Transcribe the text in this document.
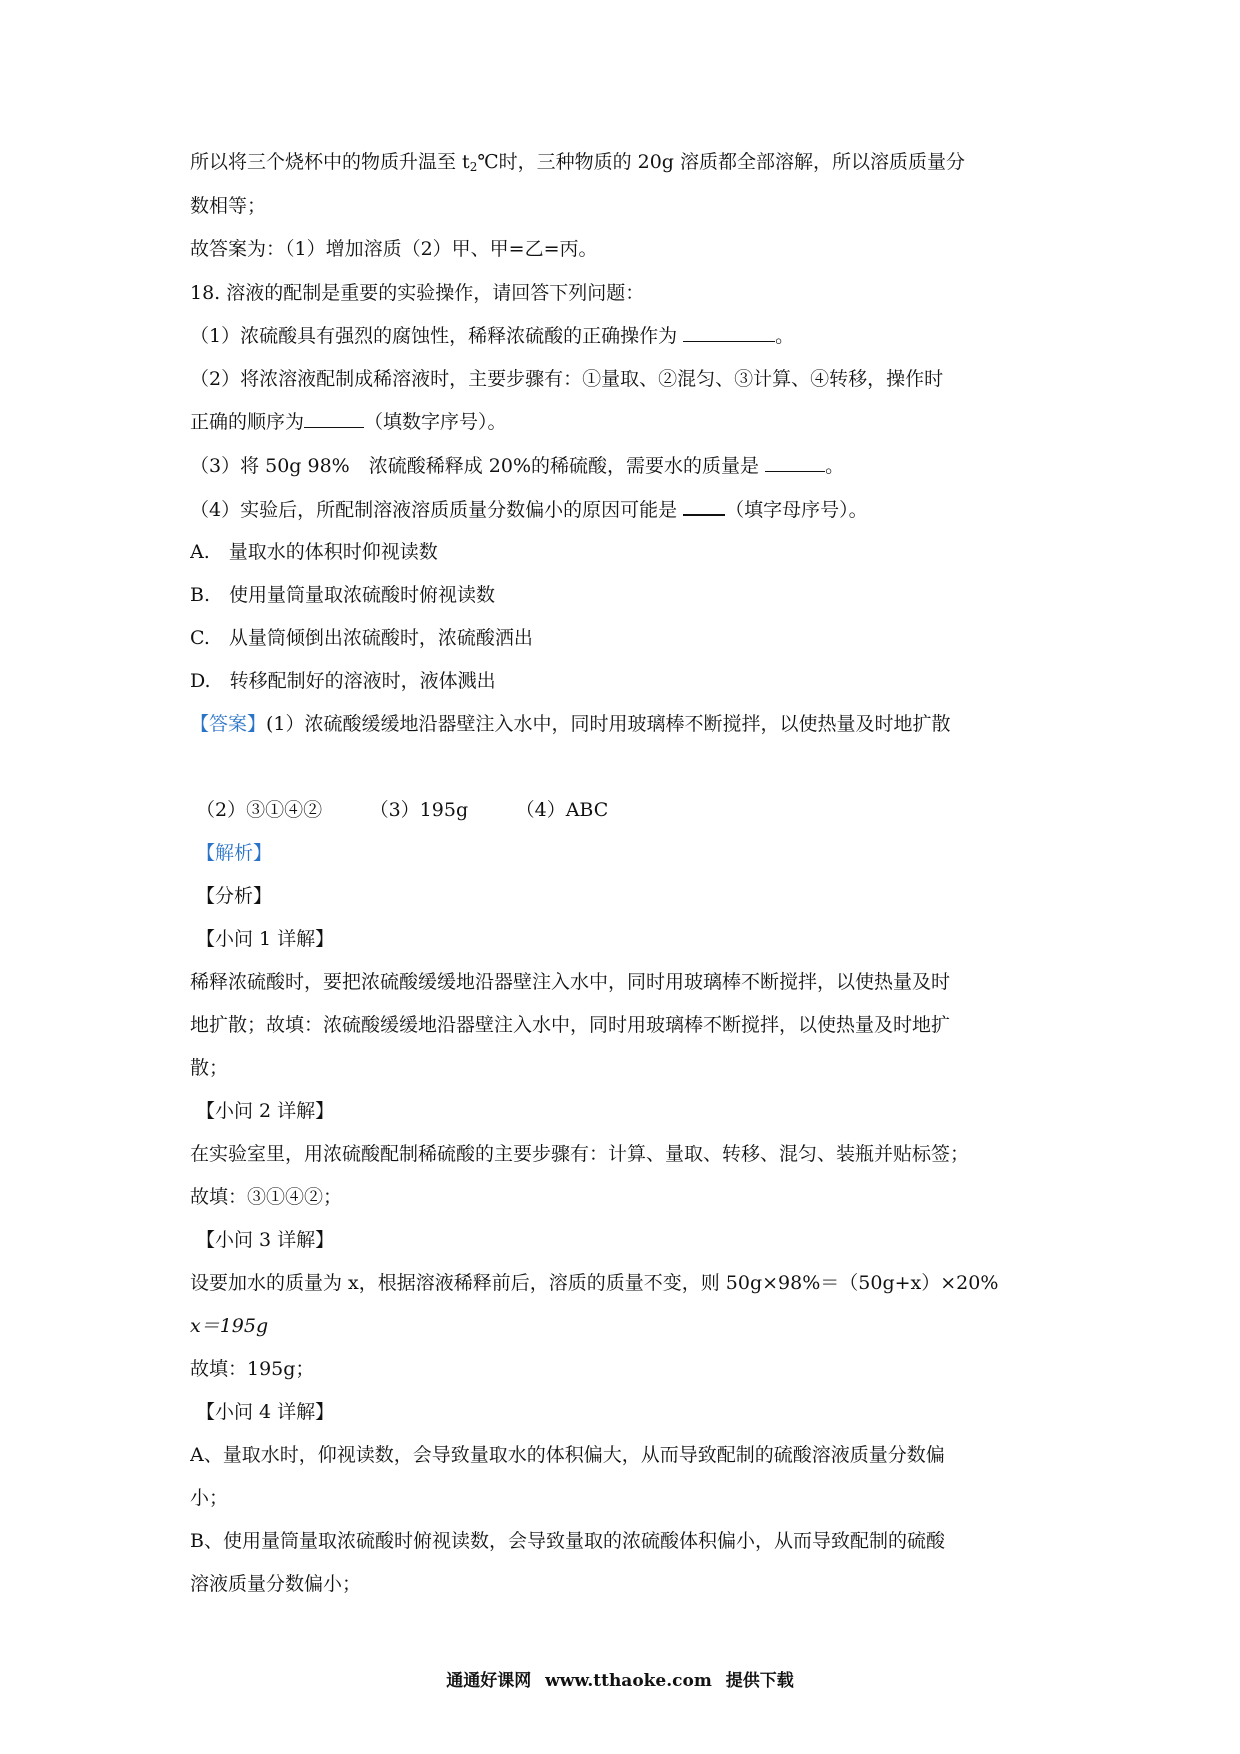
所以将三个烧杯中的物质升温至 $t_2℃$时，三种物质的 20g 溶质都全部溶解，所以溶质质量分
数相等；
故答案为：（1）增加溶质（2）甲、甲=乙=丙。
18. 溶液的配制是重要的实验操作，请回答下列问题：
（1）浓硫酸具有强烈的腐蚀性，稀释浓硫酸的正确操作为	。
（2）将浓溶液配制成稀溶液时，主要步骤有：①量取、②混匀、③计算、④转移，操作时
正确的顺序为	（填数字序号）。
（3）将 50g 98%　浓硫酸稀释成 20%的稀硫酸，需要水的质量是	。
（4）实验后，所配制溶液溶质质量分数偏小的原因可能是	（填字母序号）。
A.　量取水的体积时仰视读数
B.　使用量筒量取浓硫酸时俯视读数
C.　从量筒倾倒出浓硫酸时，浓硫酸洒出
D.　转移配制好的溶液时，液体溅出
【答案】(1）浓硫酸缓缓地沿器壁注入水中，同时用玻璃棒不断搅拌，以使热量及时地扩散
（2）③①④②　　　（3）195g　　　（4）ABC
【解析】
【分析】
【小问 1 详解】
稀释浓硫酸时，要把浓硫酸缓缓地沿器壁注入水中，同时用玻璃棒不断搅拌，以使热量及时
地扩散；故填：浓硫酸缓缓地沿器壁注入水中，同时用玻璃棒不断搅拌，以使热量及时地扩
散；
【小问 2 详解】
在实验室里，用浓硫酸配制稀硫酸的主要步骤有：计算、量取、转移、混匀、装瓶并贴标签；
故填：③①④②；
【小问 3 详解】
设要加水的质量为 x，根据溶液稀释前后，溶质的质量不变，则 50g×98%＝（50g+x）×20%
x＝195g
故填：195g；
【小问 4 详解】
A、量取水时，仰视读数，会导致量取水的体积偏大，从而导致配制的硫酸溶液质量分数偏
小；
B、使用量筒量取浓硫酸时俯视读数，会导致量取的浓硫酸体积偏小，从而导致配制的硫酸
溶液质量分数偏小；
通通好课网 www.tthaoke.com 提供下载
